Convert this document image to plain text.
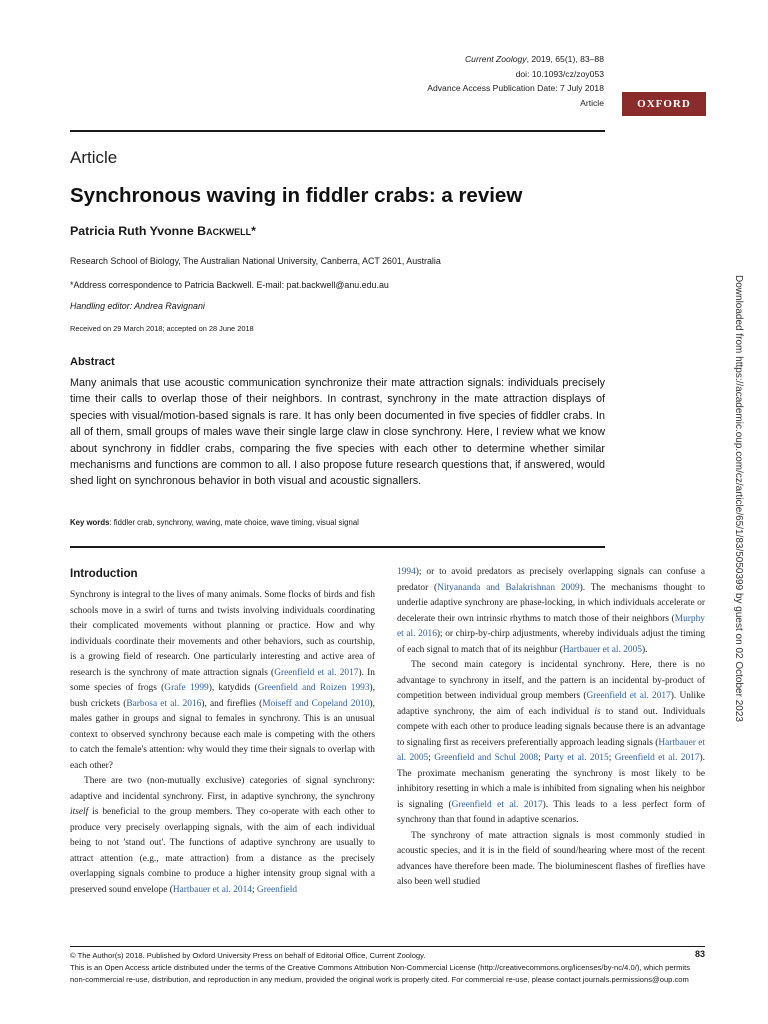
Current Zoology, 2019, 65(1), 83–88
doi: 10.1093/cz/zoy053
Advance Access Publication Date: 7 July 2018
Article	OXFORD
Article
Synchronous waving in fiddler crabs: a review
Patricia Ruth Yvonne Backwell*
Research School of Biology, The Australian National University, Canberra, ACT 2601, Australia
*Address correspondence to Patricia Backwell. E-mail: pat.backwell@anu.edu.au
Handling editor: Andrea Ravignani
Received on 29 March 2018; accepted on 28 June 2018
Abstract
Many animals that use acoustic communication synchronize their mate attraction signals: individuals precisely time their calls to overlap those of their neighbors. In contrast, synchrony in the mate attraction displays of species with visual/motion-based signals is rare. It has only been documented in five species of fiddler crabs. In all of them, small groups of males wave their single large claw in close synchrony. Here, I review what we know about synchrony in fiddler crabs, comparing the five species with each other to determine whether similar mechanisms and functions are common to all. I also propose future research questions that, if answered, would shed light on synchronous behavior in both visual and acoustic signallers.
Key words: fiddler crab, synchrony, waving, mate choice, wave timing, visual signal
Introduction

Synchrony is integral to the lives of many animals. Some flocks of birds and fish schools move in a swirl of turns and twists involving individuals coordinating their complicated movements without planning or practice. How and why individuals coordinate their movements and other behaviors, such as courtship, is a growing field of research. One particularly interesting and active area of research is the synchrony of mate attraction signals (Greenfield et al. 2017). In some species of frogs (Grafe 1999), katydids (Greenfield and Roizen 1993), bush crickets (Barbosa et al. 2016), and fireflies (Moiseff and Copeland 2010), males gather in groups and signal to females in synchrony. This is an unusual context to observed synchrony because each male is competing with the others to catch the female's attention: why would they time their signals to overlap with each other?

There are two (non-mutually exclusive) categories of signal synchrony: adaptive and incidental synchrony. First, in adaptive synchrony, the synchrony itself is beneficial to the group members. They co-operate with each other to produce very precisely overlapping signals, with the aim of each individual being to not 'stand out'. The functions of adaptive synchrony are usually to attract attention (e.g., mate attraction) from a distance as the precisely overlapping signals combine to produce a higher intensity group signal with a preserved sound envelope (Hartbauer et al. 2014; Greenfield

1994); or to avoid predators as precisely overlapping signals can confuse a predator (Nityananda and Balakrishnan 2009). The mechanisms thought to underlie adaptive synchrony are phase-locking, in which individuals accelerate or decelerate their own intrinsic rhythms to match those of their neighbors (Murphy et al. 2016); or chirp-by-chirp adjustments, whereby individuals adjust the timing of each signal to match that of its neighbur (Hartbauer et al. 2005).

The second main category is incidental synchrony. Here, there is no advantage to synchrony in itself, and the pattern is an incidental by-product of competition between individual group members (Greenfield et al. 2017). Unlike adaptive synchrony, the aim of each individual is to stand out. Individuals compete with each other to produce leading signals because there is an advantage to signaling first as receivers preferentially approach leading signals (Hartbauer et al. 2005; Greenfield and Schul 2008; Party et al. 2015; Greenfield et al. 2017). The proximate mechanism generating the synchrony is most likely to be inhibitory resetting in which a male is inhibited from signaling when his neighbor is signaling (Greenfield et al. 2017). This leads to a less perfect form of synchrony than that found in adaptive scenarios.

The synchrony of mate attraction signals is most commonly studied in acoustic species, and it is in the field of sound/hearing where most of the recent advances have therefore been made. The bioluminescent flashes of fireflies have also been well studied

Downloaded from https://academic.oup.com/cz/article/65/1/83/5050399 by guest on 02 October 2023
© The Author(s) 2018. Published by Oxford University Press on behalf of Editorial Office, Current Zoology.
This is an Open Access article distributed under the terms of the Creative Commons Attribution Non-Commercial License (http://creativecommons.org/licenses/by-nc/4.0/), which permits non-commercial re-use, distribution, and reproduction in any medium, provided the original work is properly cited. For commercial re-use, please contact journals.permissions@oup.com
83
